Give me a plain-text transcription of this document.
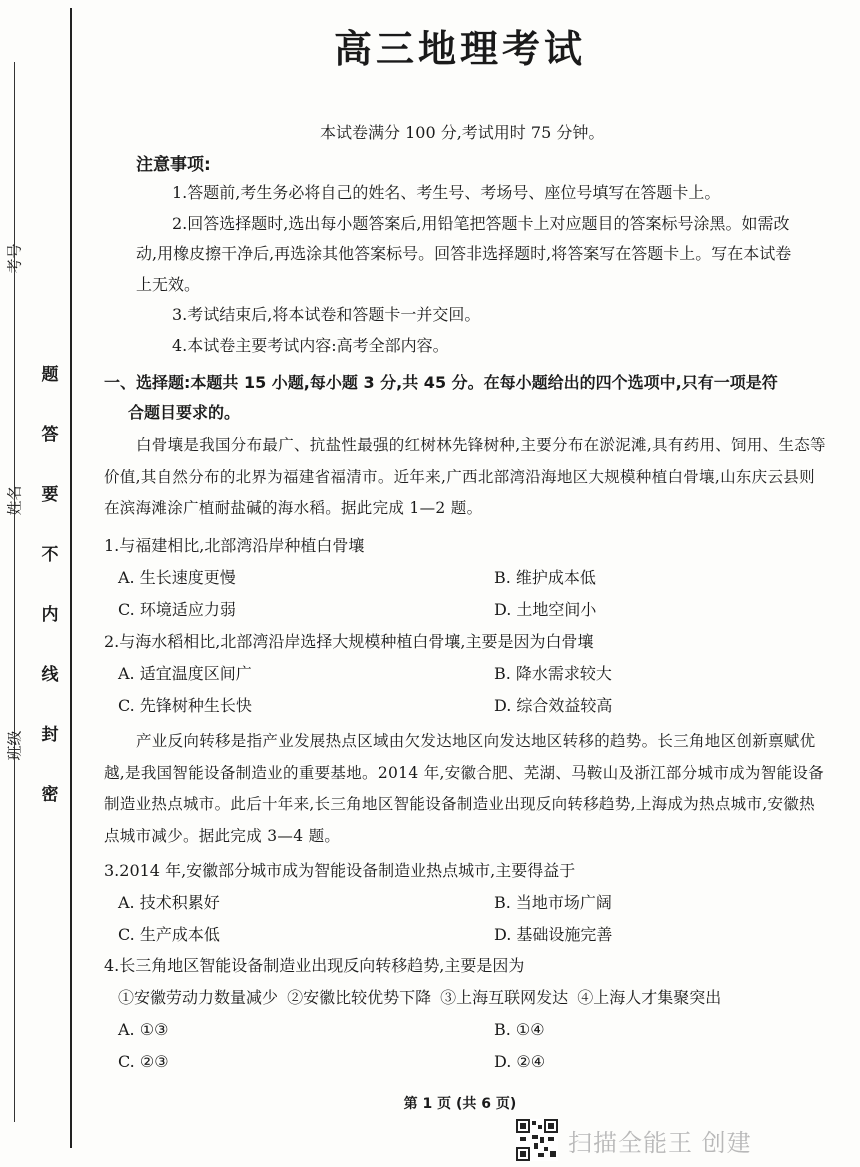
考号
姓名
班级
题
答
要
不
内
线
封
密
高三地理考试
本试卷满分 100 分,考试用时 75 分钟。
注意事项:

1.答题前,考生务必将自己的姓名、考生号、考场号、座位号填写在答题卡上。

2.回答选择题时,选出每小题答案后,用铅笔把答题卡上对应题目的答案标号涂黑。如需改动,用橡皮擦干净后,再选涂其他答案标号。回答非选择题时,将答案写在答题卡上。写在本试卷上无效。

3.考试结束后,将本试卷和答题卡一并交回。

4.本试卷主要考试内容:高考全部内容。

一、选择题:本题共 15 小题,每小题 3 分,共 45 分。在每小题给出的四个选项中,只有一项是符
合题目要求的。

白骨壤是我国分布最广、抗盐性最强的红树林先锋树种,主要分布在淤泥滩,具有药用、饲用、生态等价值,其自然分布的北界为福建省福清市。近年来,广西北部湾沿海地区大规模种植白骨壤,山东庆云县则在滨海滩涂广植耐盐碱的海水稻。据此完成 1—2 题。

1.与福建相比,北部湾沿岸种植白骨壤

A. 生长速度更慢	B. 维护成本低
C. 环境适应力弱	D. 土地空间小

2.与海水稻相比,北部湾沿岸选择大规模种植白骨壤,主要是因为白骨壤

A. 适宜温度区间广	B. 降水需求较大
C. 先锋树种生长快	D. 综合效益较高

产业反向转移是指产业发展热点区域由欠发达地区向发达地区转移的趋势。长三角地区创新禀赋优越,是我国智能设备制造业的重要基地。2014 年,安徽合肥、芜湖、马鞍山及浙江部分城市成为智能设备制造业热点城市。此后十年来,长三角地区智能设备制造业出现反向转移趋势,上海成为热点城市,安徽热点城市减少。据此完成 3—4 题。

3.2014 年,安徽部分城市成为智能设备制造业热点城市,主要得益于

A. 技术积累好	B. 当地市场广阔
C. 生产成本低	D. 基础设施完善

4.长三角地区智能设备制造业出现反向转移趋势,主要是因为

①安徽劳动力数量减少 ②安徽比较优势下降 ③上海互联网发达 ④上海人才集聚突出

A. ①③	B. ①④
C. ②③	D. ②④
第 1 页 (共 6 页)
扫描全能王 创建
